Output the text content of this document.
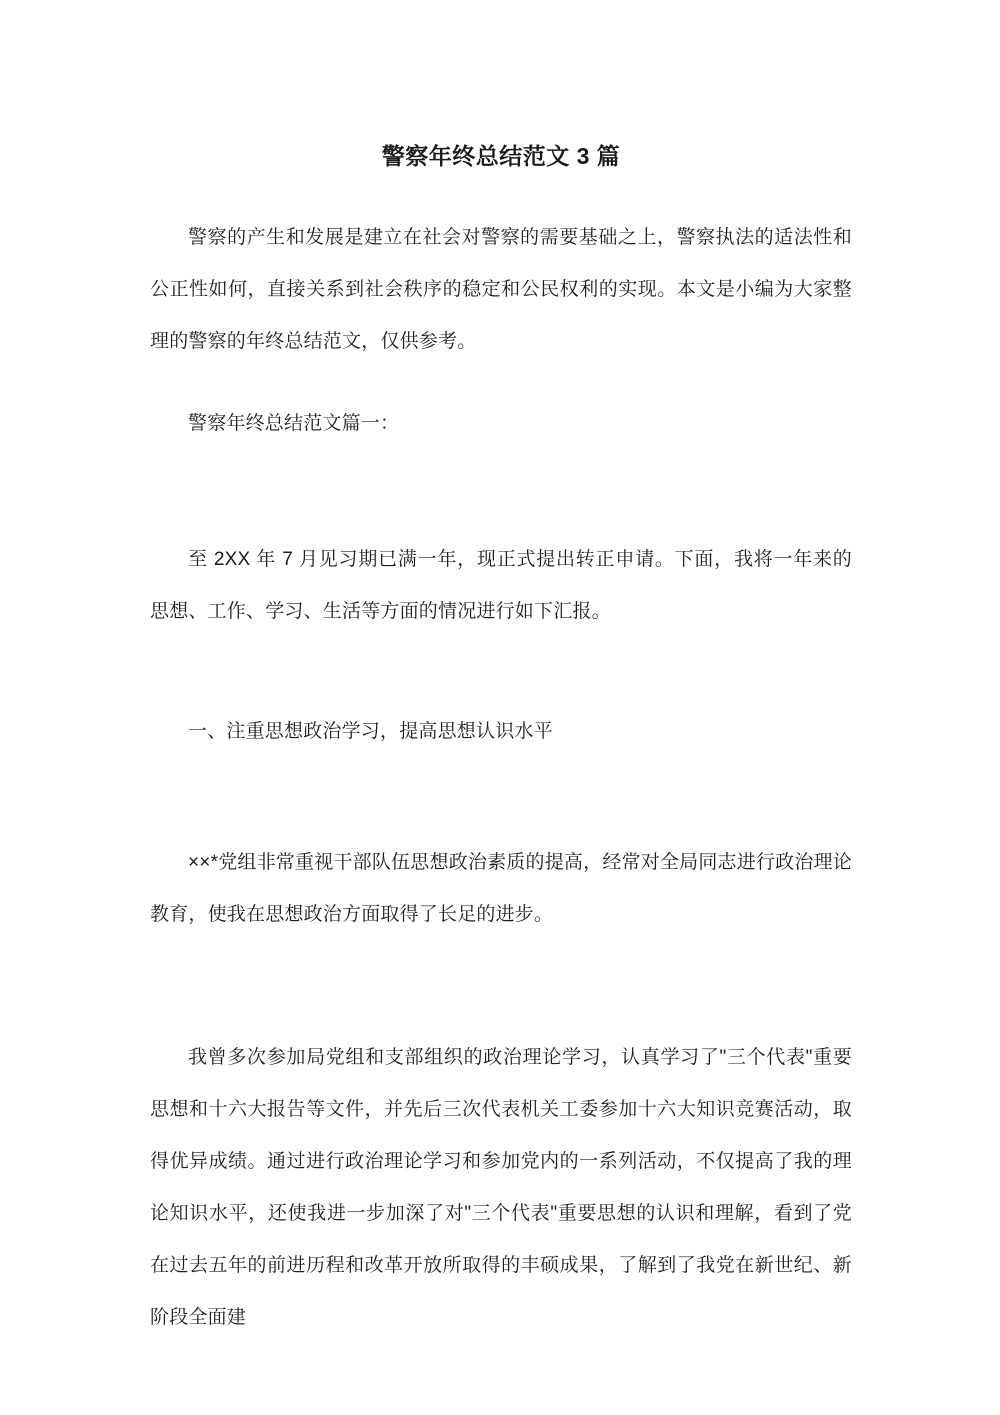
警察年终总结范文 3 篇

警察的产生和发展是建立在社会对警察的需要基础之上，警察执法的适法性和公正性如何，直接关系到社会秩序的稳定和公民权利的实现。本文是小编为大家整理的警察的年终总结范文，仅供参考。

警察年终总结范文篇一：

至 2XX 年 7 月见习期已满一年，现正式提出转正申请。下面，我将一年来的思想、工作、学习、生活等方面的情况进行如下汇报。

一、注重思想政治学习，提高思想认识水平

××*党组非常重视干部队伍思想政治素质的提高，经常对全局同志进行政治理论教育，使我在思想政治方面取得了长足的进步。

我曾多次参加局党组和支部组织的政治理论学习，认真学习了"三个代表"重要思想和十六大报告等文件，并先后三次代表机关工委参加十六大知识竞赛活动，取得优异成绩。通过进行政治理论学习和参加党内的一系列活动，不仅提高了我的理论知识水平，还使我进一步加深了对"三个代表"重要思想的认识和理解，看到了党在过去五年的前进历程和改革开放所取得的丰硕成果，了解到了我党在新世纪、新阶段全面建
